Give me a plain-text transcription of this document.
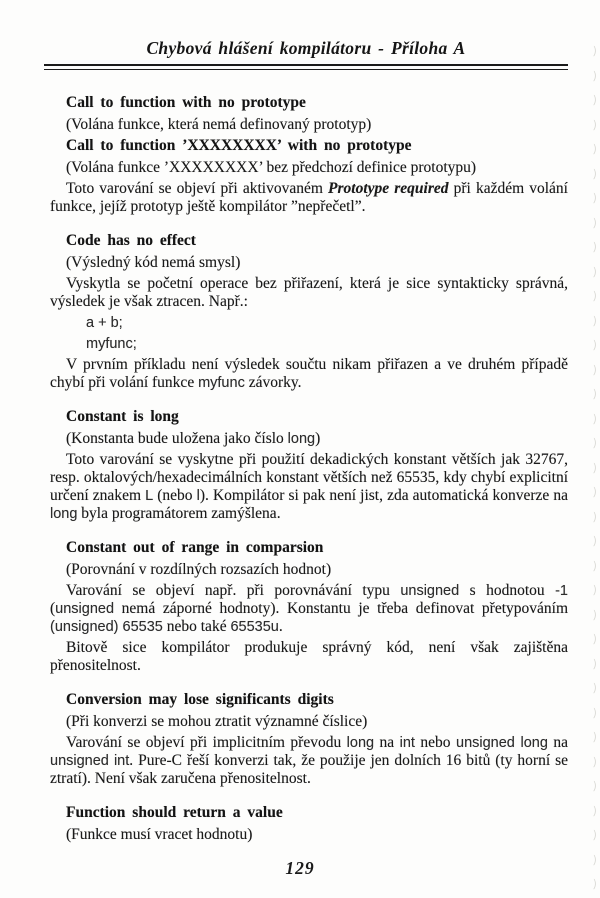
Chybová hlášení kompilátoru - Příloha A
Call to function with no prototype
(Volána funkce, která nemá definovaný prototyp)
Call to function ’XXXXXXXX’ with no prototype
(Volána funkce ’XXXXXXXX’ bez předchozí definice prototypu)
Toto varování se objeví při aktivovaném Prototype required při každém volání funkce, jejíž prototyp ještě kompilátor ”nepřečetl”.
Code has no effect
(Výsledný kód nemá smysl)
Vyskytla se početní operace bez přiřazení, která je sice syntakticky správná, výsledek je však ztracen. Např.:
a + b;
myfunc;
V prvním příkladu není výsledek součtu nikam přiřazen a ve druhém případě chybí při volání funkce myfunc závorky.
Constant is long
(Konstanta bude uložena jako číslo long)
Toto varování se vyskytne při použití dekadických konstant větších jak 32767, resp. oktalových/hexadecimálních konstant větších než 65535, kdy chybí explicitní určení znakem L (nebo l). Kompilátor si pak není jist, zda automatická konverze na long byla programátorem zamýšlena.
Constant out of range in comparsion
(Porovnání v rozdílných rozsazích hodnot)
Varování se objeví např. při porovnávání typu unsigned s hodnotou -1 (unsigned nemá záporné hodnoty). Konstantu je třeba definovat přetypováním (unsigned) 65535 nebo také 65535u.
Bitově sice kompilátor produkuje správný kód, není však zajištěna přenositelnost.
Conversion may lose significants digits
(Při konverzi se mohou ztratit významné číslice)
Varování se objeví při implicitním převodu long na int nebo unsigned long na unsigned int. Pure-C řeší konverzi tak, že použije jen dolních 16 bitů (ty horní se ztratí). Není však zaručena přenositelnost.
Function should return a value
(Funkce musí vracet hodnotu)
129
)
)
)
)
)
)
)
)
)
)
)
)
)
)
)
)
)
)
)
)
)
)
)
)
)
)
)
)
)
)
)
)
)
)
)
